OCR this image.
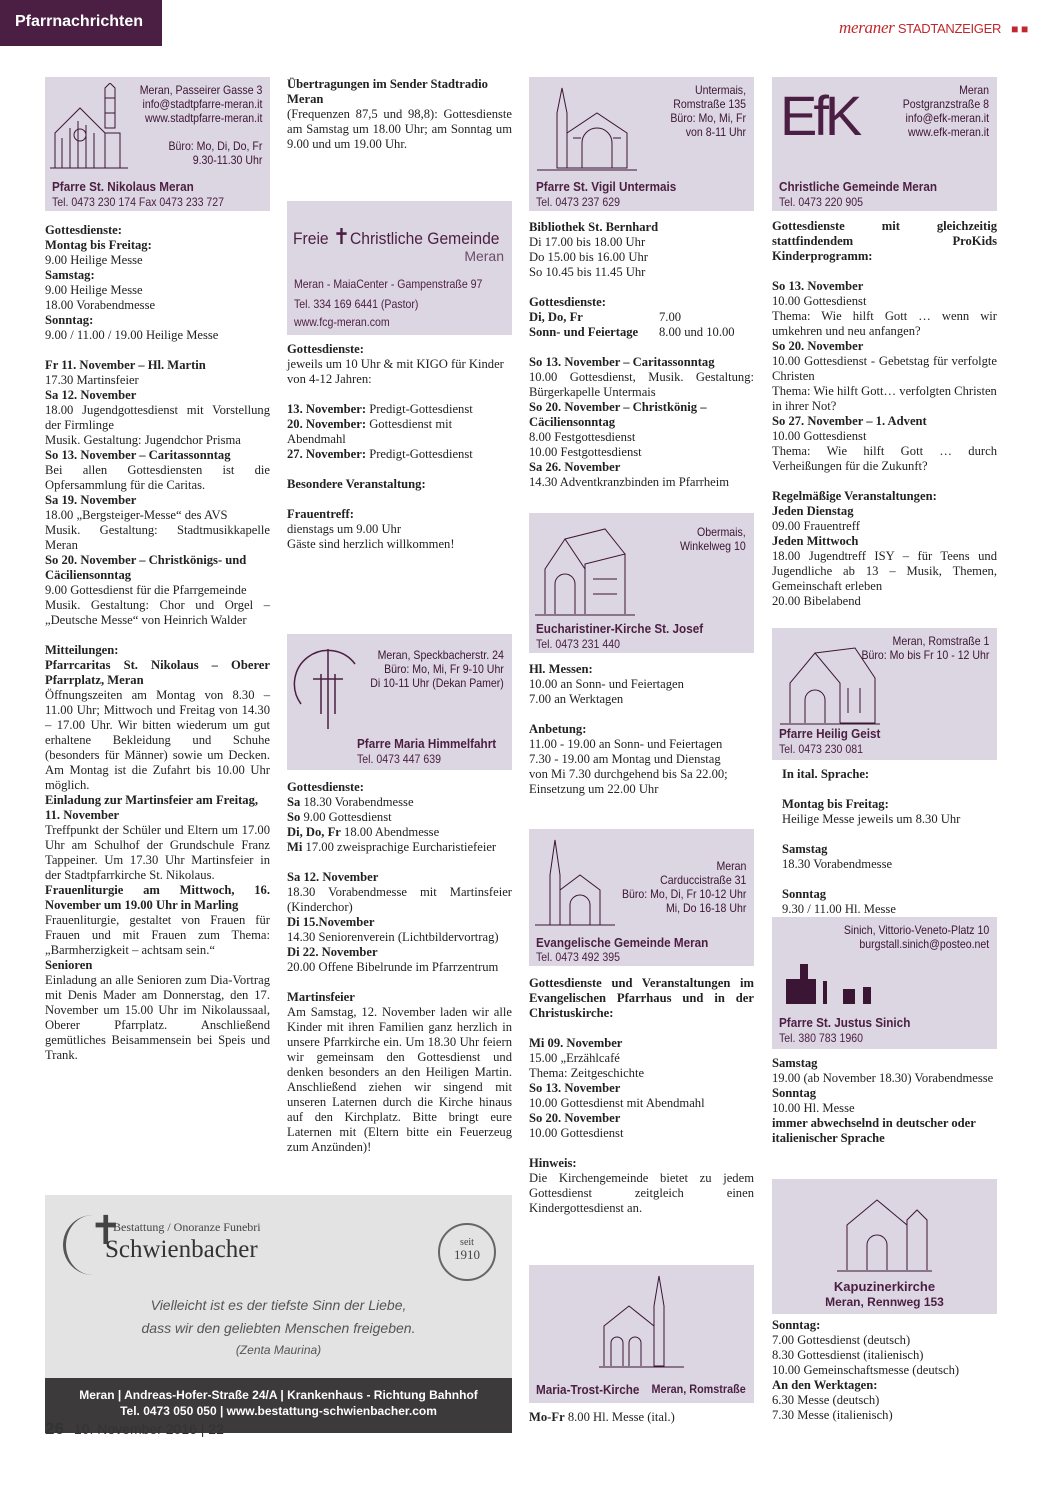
Pfarrnachrichten	meraner STADTANZEIGER ■ ■
Meran, Passeirer Gasse 3
info@stadtpfarre-meran.it
www.stadtpfarre-meran.it
Büro: Mo, Di, Do, Fr
9.30-11.30 Uhr
Pfarre St. Nikolaus Meran
Tel. 0473 230 174 Fax 0473 233 727

Gottesdienste:

Montag bis Freitag:

9.00 Heilige Messe

Samstag:

9.00 Heilige Messe

18.00 Vorabendmesse

Sonntag:

9.00 / 11.00 / 19.00 Heilige Messe

Fr 11. November – Hl. Martin

17.30 Martinsfeier

Sa 12. November

18.00 Jugendgottesdienst mit Vorstellung der Firmlinge

Musik. Gestaltung: Jugendchor Prisma

So 13. November – Caritassonntag

Bei allen Gottesdiensten ist die Opfersammlung für die Caritas.

Sa 19. November

18.00 „Bergsteiger-Messe“ des AVS

Musik. Gestaltung: Stadtmusikkapelle Meran

So 20. November – Christkönigs- und Cäciliensonntag

9.00 Gottesdienst für die Pfarrgemeinde

Musik. Gestaltung: Chor und Orgel – „Deutsche Messe“ von Heinrich Walder

Mitteilungen:

Pfarrcaritas St. Nikolaus – Oberer Pfarrplatz, Meran

Öffnungszeiten am Montag von 8.30 – 11.00 Uhr; Mittwoch und Freitag von 14.30 – 17.00 Uhr. Wir bitten wiederum um gut erhaltene Bekleidung und Schuhe (besonders für Männer) sowie um Decken. Am Montag ist die Zufahrt bis 10.00 Uhr möglich.

Einladung zur Martinsfeier am Freitag, 11. November

Treffpunkt der Schüler und Eltern um 17.00 Uhr am Schulhof der Grundschule Franz Tappeiner. Um 17.30 Uhr Martinsfeier in der Stadtpfarrkirche St. Nikolaus.

Frauenliturgie am Mittwoch, 16. November um 19.00 Uhr in Marling

Frauenliturgie, gestaltet von Frauen für Frauen und mit Frauen zum Thema: „Barmherzigkeit – achtsam sein.“

Senioren

Einladung an alle Senioren zum Dia-Vortrag mit Denis Mader am Donnerstag, den 17. November um 15.00 Uhr im Nikolaussaal, Oberer Pfarrplatz. Anschließend gemütliches Beisammensein bei Speis und Trank.

Übertragungen im Sender Stadtradio Meran

(Frequenzen 87,5 und 98,8): Gottesdienste am Samstag um 18.00 Uhr; am Sonntag um 9.00 und um 19.00 Uhr.

Freie ✝Christliche Gemeinde
Meran
Meran - MaiaCenter - Gampenstraße 97
Tel. 334 169 6441 (Pastor)
www.fcg-meran.com

Gottesdienste:

jeweils um 10 Uhr & mit KIGO für Kinder von 4-12 Jahren:

13. November: Predigt-Gottesdienst

20. November: Gottesdienst mit Abendmahl

27. November: Predigt-Gottesdienst

Besondere Veranstaltung:

Frauentreff:

dienstags um 9.00 Uhr

Gäste sind herzlich willkommen!

Meran, Speckbacherstr. 24
Büro: Mo, Mi, Fr 9-10 Uhr
Di 10-11 Uhr (Dekan Pamer)
Pfarre Maria Himmelfahrt
Tel. 0473 447 639

Gottesdienste:

Sa 18.30 Vorabendmesse

So 9.00 Gottesdienst

Di, Do, Fr 18.00 Abendmesse

Mi 17.00 zweisprachige Eurcharistiefeier

Sa 12. November

18.30 Vorabendmesse mit Martinsfeier (Kinderchor)

Di 15.November

14.30 Seniorenverein (Lichtbildervortrag)

Di 22. November

20.00 Offene Bibelrunde im Pfarrzentrum

Martinsfeier

Am Samstag, 12. November laden wir alle Kinder mit ihren Familien ganz herzlich in unsere Pfarrkirche ein. Um 18.30 Uhr feiern wir gemeinsam den Gottesdienst und denken besonders an den Heiligen Martin. Anschließend ziehen wir singend mit unseren Laternen durch die Kirche hinaus auf den Kirchplatz. Bitte bringt eure Laternen mit (Eltern bitte ein Feuerzeug zum Anzünden)!

Untermais,
Romstraße 135
Büro: Mo, Mi, Fr
von 8-11 Uhr
Pfarre St. Vigil Untermais
Tel. 0473 237 629

Bibliothek St. Bernhard

Di 17.00 bis 18.00 Uhr

Do 15.00 bis 16.00 Uhr

So 10.45 bis 11.45 Uhr

Gottesdienste:

Di, Do, Fr	7.00

Sonn- und Feiertage 8.00 und 10.00

So 13. November – Caritassonntag

10.00 Gottesdienst, Musik. Gestaltung: Bürgerkapelle Untermais

So 20. November – Christkönig – Cäciliensonntag

8.00 Festgottesdienst

10.00 Festgottesdienst

Sa 26. November

14.30 Adventkranzbinden im Pfarrheim

Obermais,
Winkelweg 10
Eucharistiner-Kirche St. Josef
Tel. 0473 231 440

Hl. Messen:

10.00 an Sonn- und Feiertagen

7.00 an Werktagen

Anbetung:

11.00 - 19.00 an Sonn- und Feiertagen

7.30 - 19.00 am Montag und Dienstag

von Mi 7.30 durchgehend bis Sa 22.00;

Einsetzung um 22.00 Uhr

Meran
Carduccistraße 31
Büro: Mo, Di, Fr 10-12 Uhr
Mi, Do 16-18 Uhr
Evangelische Gemeinde Meran
Tel. 0473 492 395

Gottesdienste und Veranstaltungen im Evangelischen Pfarrhaus und in der Christuskirche:

Mi 09. November

15.00 „Erzählcafé

Thema: Zeitgeschichte

So 13. November

10.00 Gottesdienst mit Abendmahl

So 20. November

10.00 Gottesdienst

Hinweis:

Die Kirchengemeinde bietet zu jedem Gottesdienst zeitgleich einen Kindergottesdienst an.

Maria-Trost-Kirche Meran, Romstraße

Mo-Fr 8.00 Hl. Messe (ital.)

EfK	Meran
Postgranzstraße 8
info@efk-meran.it
www.efk-meran.it
Christliche Gemeinde Meran
Tel. 0473 220 905

Gottesdienste mit gleichzeitig stattfindendem ProKids Kinderprogramm:

So 13. November

10.00 Gottesdienst

Thema: Wie hilft Gott … wenn wir umkehren und neu anfangen?

So 20. November

10.00 Gottesdienst - Gebetstag für verfolgte Christen

Thema: Wie hilft Gott… verfolgten Christen in ihrer Not?

So 27. November – 1. Advent

10.00 Gottesdienst

Thema: Wie hilft Gott … durch Verheißungen für die Zukunft?

Regelmäßige Veranstaltungen:

Jeden Dienstag

09.00 Frauentreff

Jeden Mittwoch

18.00 Jugendtreff ISY – für Teens und Jugendliche ab 13 – Musik, Themen, Gemeinschaft erleben

20.00 Bibelabend

Meran, Romstraße 1
Büro: Mo bis Fr 10 - 12 Uhr
Pfarre Heilig Geist
Tel. 0473 230 081

In ital. Sprache:

Montag bis Freitag:

Heilige Messe jeweils um 8.30 Uhr

Samstag

18.30 Vorabendmesse

Sonntag

9.30 / 11.00 Hl. Messe

Sinich, Vittorio-Veneto-Platz 10
burgstall.sinich@posteo.net
Pfarre St. Justus Sinich
Tel. 380 783 1960

Samstag

19.00 (ab November 18.30) Vorabendmesse

Sonntag

10.00 Hl. Messe

immer abwechselnd in deutscher oder italienischer Sprache

Kapuzinerkirche
Meran, Rennweg 153

Sonntag:

7.00 Gottesdienst (deutsch)

8.30 Gottesdienst (italienisch)

10.00 Gemeinschaftsmesse (deutsch)

An den Werktagen:

6.30 Messe (deutsch)

7.30 Messe (italienisch)

✝
Bestattung / Onoranze Funebri
Schwienbacher	seit
1910
Vielleicht ist es der tiefste Sinn der Liebe,
dass wir den geliebten Menschen freigeben.
(Zenta Maurina)
Meran | Andreas-Hofer-Straße 24/A | Krankenhaus - Richtung Bahnhof
Tel. 0473 050 050 | www.bestattung-schwienbacher.com
26 10. November 2016 | 22
